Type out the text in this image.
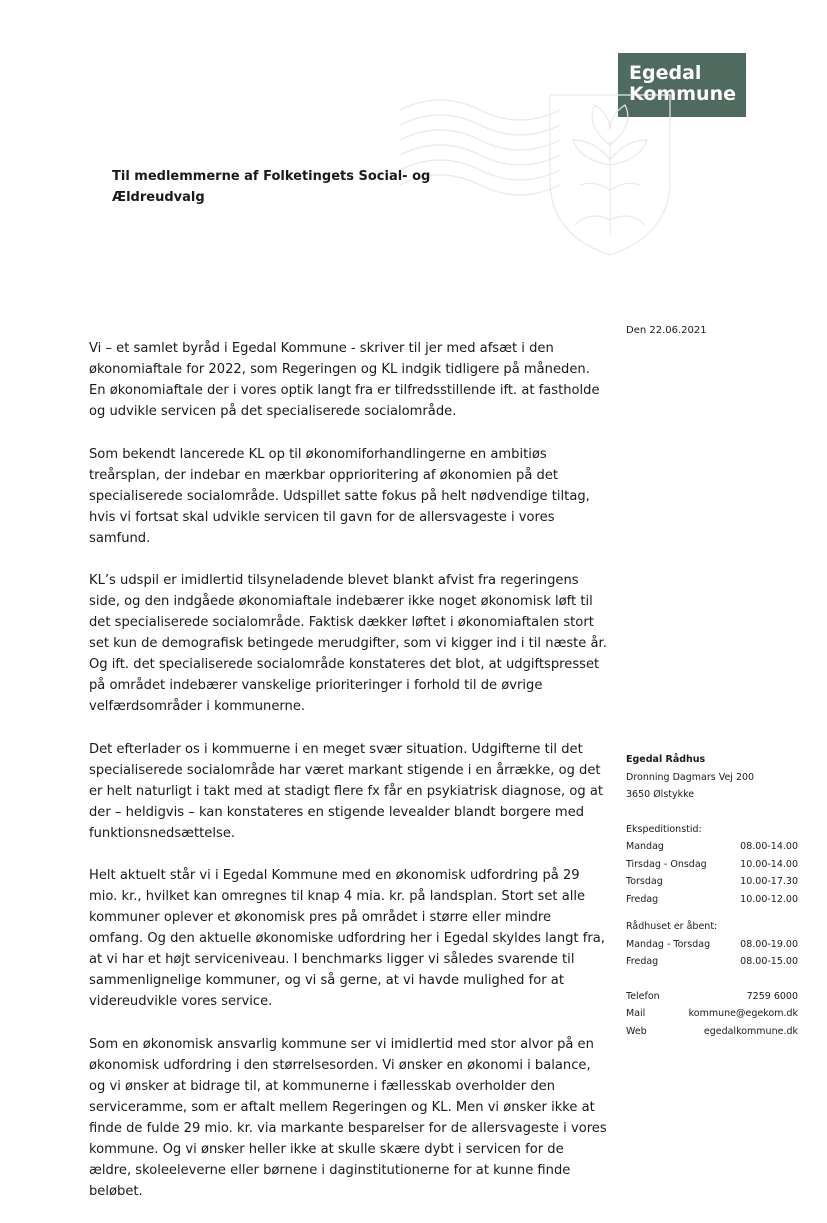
Egedal
Kommune
Til medlemmerne af Folketingets Social- og
Ældreudvalg
Den 22.06.2021

Vi – et samlet byråd i Egedal Kommune - skriver til jer med afsæt i den økonomiaftale for 2022, som Regeringen og KL indgik tidligere på måneden. En økonomiaftale der i vores optik langt fra er tilfredsstillende ift. at fastholde og udvikle servicen på det specialiserede socialområde.

Som bekendt lancerede KL op til økonomiforhandlingerne en ambitiøs treårsplan, der indebar en mærkbar opprioritering af økonomien på det specialiserede socialområde. Udspillet satte fokus på helt nødvendige tiltag, hvis vi fortsat skal udvikle servicen til gavn for de allersvageste i vores samfund.

KL’s udspil er imidlertid tilsyneladende blevet blankt afvist fra regeringens side, og den indgåede økonomiaftale indebærer ikke noget økonomisk løft til det specialiserede socialområde. Faktisk dækker løftet i økonomiaftalen stort set kun de demografisk betingede merudgifter, som vi kigger ind i til næste år. Og ift. det specialiserede socialområde konstateres det blot, at udgiftspresset på området indebærer vanskelige prioriteringer i forhold til de øvrige velfærdsområder i kommunerne.

Det efterlader os i kommuerne i en meget svær situation. Udgifterne til det specialiserede socialområde har været markant stigende i en årrække, og det er helt naturligt i takt med at stadigt flere fx får en psykiatrisk diagnose, og at der – heldigvis – kan konstateres en stigende levealder blandt borgere med funktionsnedsættelse.

Helt aktuelt står vi i Egedal Kommune med en økonomisk udfordring på 29 mio. kr., hvilket kan omregnes til knap 4 mia. kr. på landsplan. Stort set alle kommuner oplever et økonomisk pres på området i større eller mindre omfang. Og den aktuelle økonomiske udfordring her i Egedal skyldes langt fra, at vi har et højt serviceniveau. I benchmarks ligger vi således svarende til sammenlignelige kommuner, og vi så gerne, at vi havde mulighed for at videreudvikle vores service.

Som en økonomisk ansvarlig kommune ser vi imidlertid med stor alvor på en økonomisk udfordring i den størrelsesorden. Vi ønsker en økonomi i balance, og vi ønsker at bidrage til, at kommunerne i fællesskab overholder den serviceramme, som er aftalt mellem Regeringen og KL. Men vi ønsker ikke at finde de fulde 29 mio. kr. via markante besparelser for de allersvageste i vores kommune. Og vi ønsker heller ikke at skulle skære dybt i servicen for de ældre, skoleeleverne eller børnene i daginstitutionerne for at kunne finde beløbet.

Egedal Rådhus
Dronning Dagmars Vej 200
3650 Ølstykke
Ekspeditionstid:
Mandag	08.00-14.00
Tirsdag - Onsdag	10.00-14.00
Torsdag	10.00-17.30
Fredag	10.00-12.00
Rådhuset er åbent:
Mandag - Torsdag	08.00-19.00
Fredag	08.00-15.00
Telefon	7259 6000
Mail	kommune@egekom.dk
Web	egedalkommune.dk
